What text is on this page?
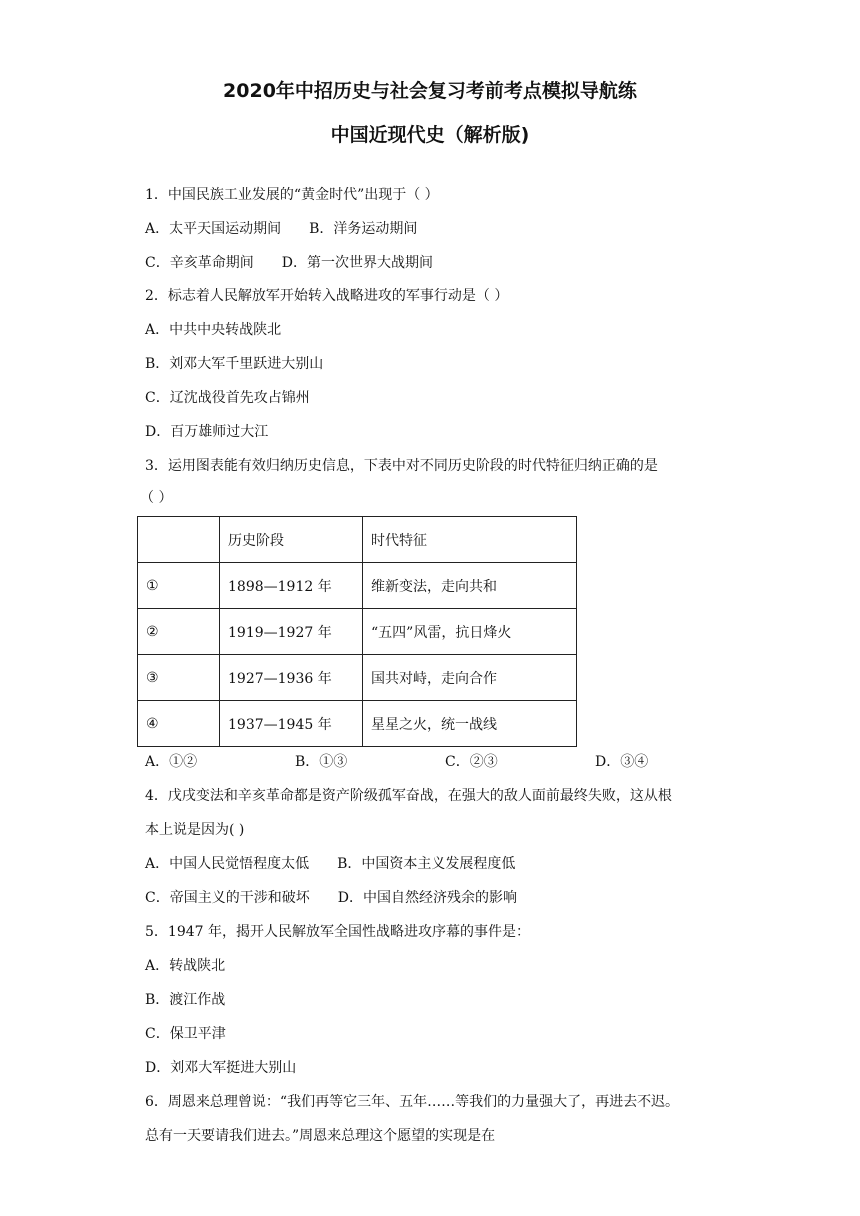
2020年中招历史与社会复习考前考点模拟导航练
中国近现代史（解析版)
1．中国民族工业发展的“黄金时代”出现于（ ）
A．太平天国运动期间 B．洋务运动期间
C．辛亥革命期间 D．第一次世界大战期间
2．标志着人民解放军开始转入战略进攻的军事行动是（ ）
A．中共中央转战陕北
B．刘邓大军千里跃进大别山
C．辽沈战役首先攻占锦州
D．百万雄师过大江
3．运用图表能有效归纳历史信息，下表中对不同历史阶段的时代特征归纳正确的是
（ ）
	历史阶段	时代特征
①	1898—1912 年	维新变法，走向共和
②	1919—1927 年	“五四”风雷，抗日烽火
③	1927—1936 年	国共对峙，走向合作
④	1937—1945 年	星星之火，统一战线
A．①②	B．①③	C．②③	D．③④
4．戊戌变法和辛亥革命都是资产阶级孤军奋战，在强大的敌人面前最终失败，这从根
本上说是因为( )
A．中国人民觉悟程度太低 B．中国资本主义发展程度低
C．帝国主义的干涉和破坏 D．中国自然经济残余的影响
5．1947 年，揭开人民解放军全国性战略进攻序幕的事件是：
A．转战陕北
B．渡江作战
C．保卫平津
D．刘邓大军挺进大别山
6．周恩来总理曾说：“我们再等它三年、五年……等我们的力量强大了，再进去不迟。
总有一天要请我们进去。”周恩来总理这个愿望的实现是在
